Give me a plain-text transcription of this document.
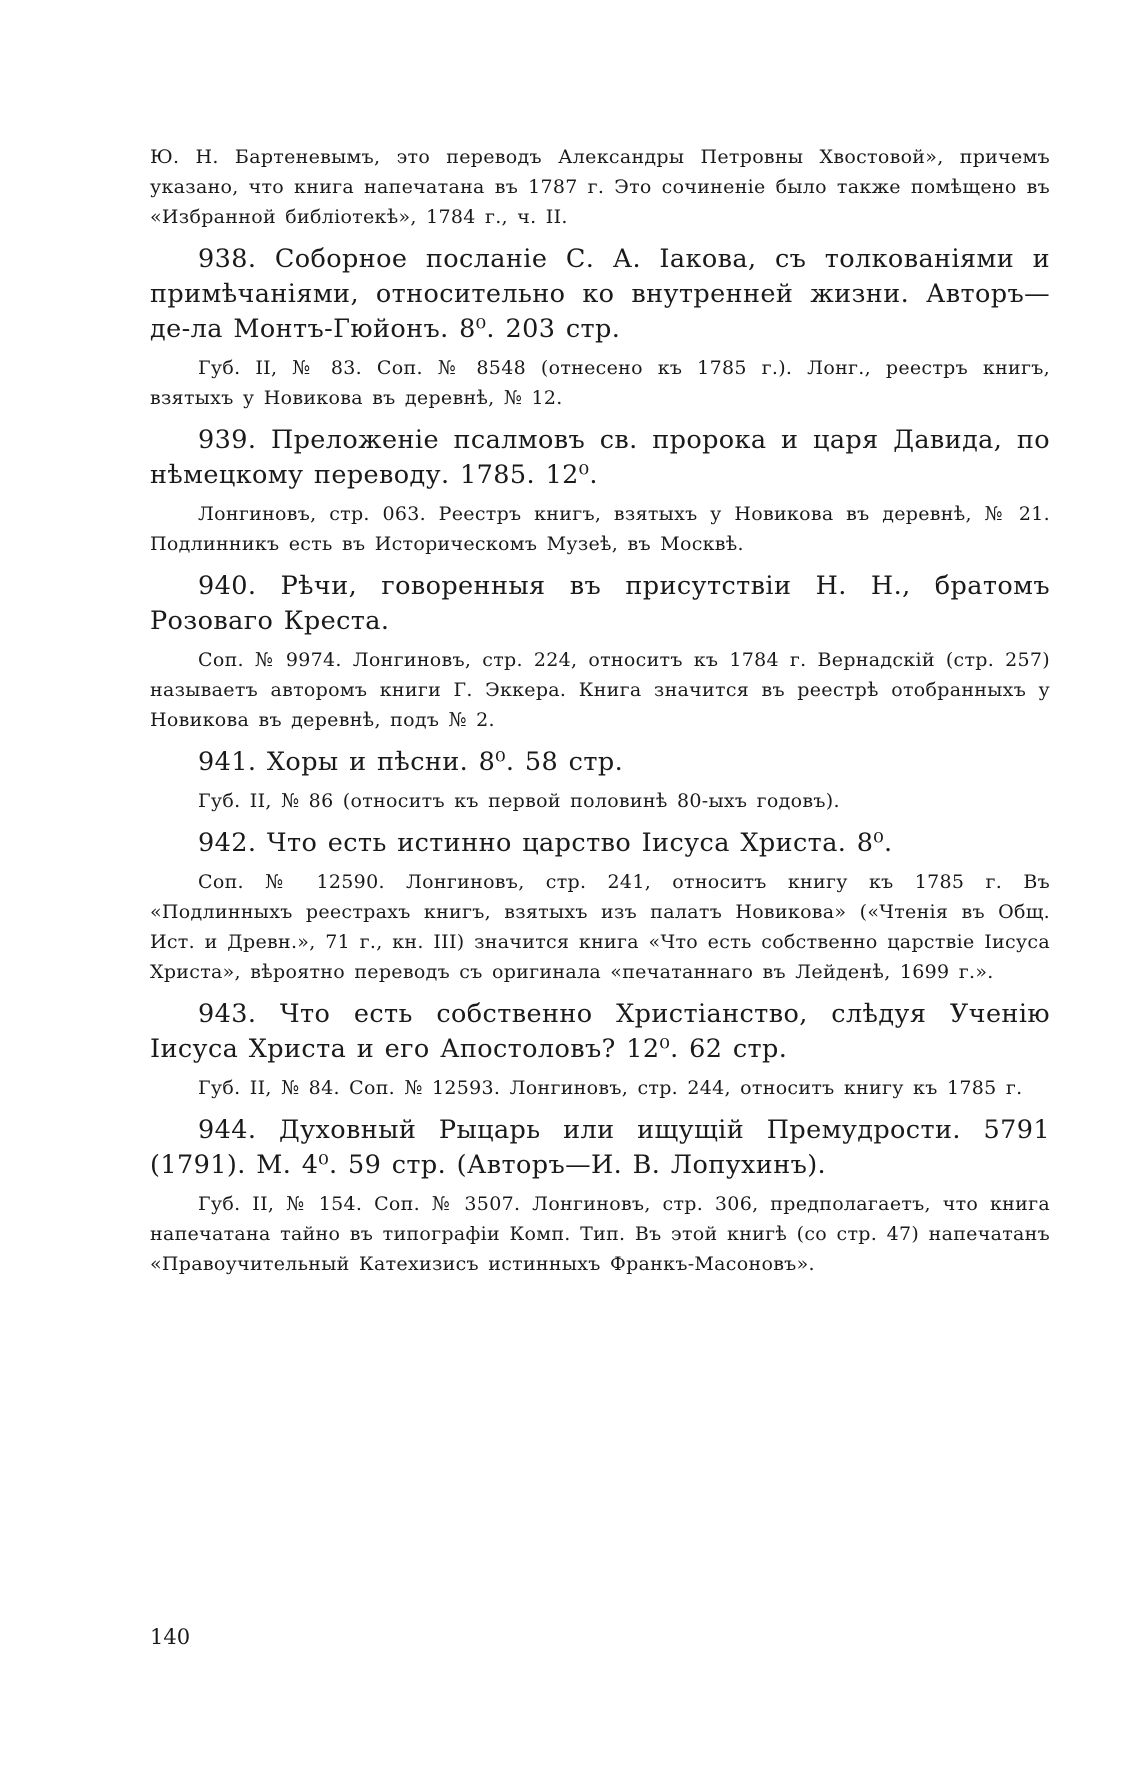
Ю. Н. Бартеневымъ, это переводъ Александры Петровны Хвостовой», причемъ указано, что книга напечатана въ 1787 г. Это сочиненіе было также помѣщено въ «Избранной библіотекѣ», 1784 г., ч. II.

938. Соборное посланіе С. А. Іакова, съ толкованіями и примѣчаніями, относительно ко внутренней жизни. Авторъ—де-ла Монтъ-Гюйонъ. 8⁰. 203 стр.

Губ. II, № 83. Соп. № 8548 (отнесено къ 1785 г.). Лонг., реестръ книгъ, взятыхъ у Новикова въ деревнѣ, № 12.

939. Преложеніе псалмовъ св. пророка и царя Давида, по нѣмецкому переводу. 1785. 12⁰.

Лонгиновъ, стр. 063. Реестръ книгъ, взятыхъ у Новикова въ деревнѣ, № 21. Подлинникъ есть въ Историческомъ Музеѣ, въ Москвѣ.

940. Рѣчи, говоренныя въ присутствіи Н. Н., братомъ Розоваго Креста.

Соп. № 9974. Лонгиновъ, стр. 224, относитъ къ 1784 г. Вернадскій (стр. 257) называетъ авторомъ книги Г. Эккера. Книга значится въ реестрѣ отобранныхъ у Новикова въ деревнѣ, подъ № 2.

941. Хоры и пѣсни. 8⁰. 58 стр.

Губ. II, № 86 (относитъ къ первой половинѣ 80-ыхъ годовъ).

942. Что есть истинно царство Іисуса Христа. 8⁰.

Соп. № 12590. Лонгиновъ, стр. 241, относитъ книгу къ 1785 г. Въ «Подлинныхъ реестрахъ книгъ, взятыхъ изъ палатъ Новикова» («Чтенія въ Общ. Ист. и Древн.», 71 г., кн. III) значится книга «Что есть собственно царствіе Іисуса Христа», вѣроятно переводъ съ оригинала «печатаннаго въ Лейденѣ, 1699 г.».

943. Что есть собственно Христіанство, слѣдуя Ученію Іисуса Христа и его Апостоловъ? 12⁰. 62 стр.

Губ. II, № 84. Соп. № 12593. Лонгиновъ, стр. 244, относитъ книгу къ 1785 г.

944. Духовный Рыцарь или ищущій Премудрости. 5791 (1791). М. 4⁰. 59 стр. (Авторъ—И. В. Лопухинъ).

Губ. II, № 154. Соп. № 3507. Лонгиновъ, стр. 306, предполагаетъ, что книга напечатана тайно въ типографіи Комп. Тип. Въ этой книгѣ (со стр. 47) напечатанъ «Правоучительный Катехизисъ истинныхъ Франкъ-Масоновъ».

140
